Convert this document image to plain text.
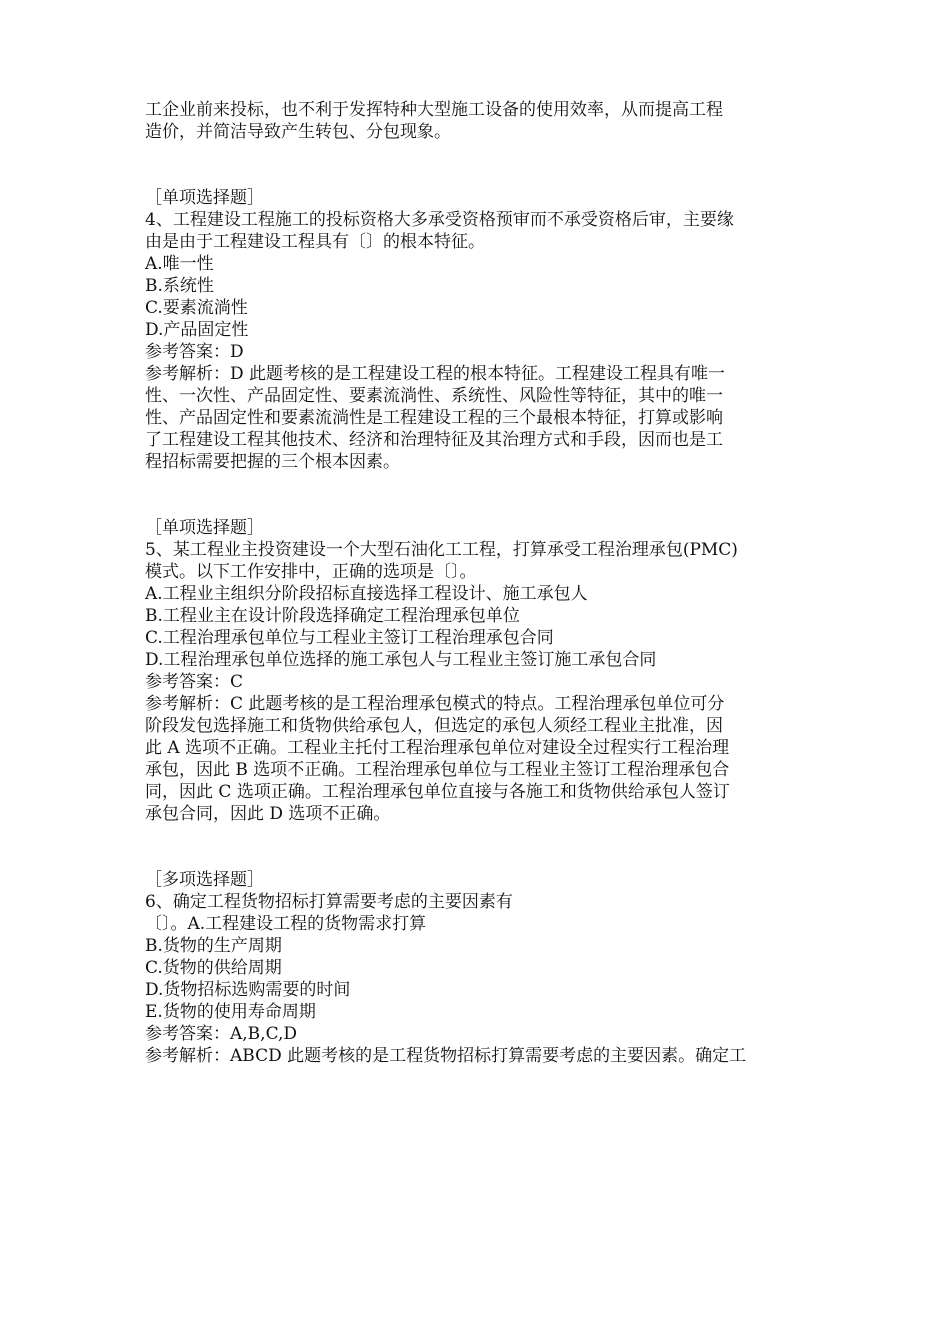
工企业前来投标，也不利于发挥特种大型施工设备的使用效率，从而提高工程
造价，并简洁导致产生转包、分包现象。
［单项选择题］
4、工程建设工程施工的投标资格大多承受资格预审而不承受资格后审，主要缘
由是由于工程建设工程具有〔〕的根本特征。
A.唯一性
B.系统性
C.要素流淌性
D.产品固定性
参考答案：D
参考解析：D 此题考核的是工程建设工程的根本特征。工程建设工程具有唯一
性、一次性、产品固定性、要素流淌性、系统性、风险性等特征，其中的唯一
性、产品固定性和要素流淌性是工程建设工程的三个最根本特征，打算或影响
了工程建设工程其他技术、经济和治理特征及其治理方式和手段，因而也是工
程招标需要把握的三个根本因素。
［单项选择题］
5、某工程业主投资建设一个大型石油化工工程，打算承受工程治理承包(PMC)
模式。以下工作安排中，正确的选项是〔〕。
A.工程业主组织分阶段招标直接选择工程设计、施工承包人
B.工程业主在设计阶段选择确定工程治理承包单位
C.工程治理承包单位与工程业主签订工程治理承包合同
D.工程治理承包单位选择的施工承包人与工程业主签订施工承包合同
参考答案：C
参考解析：C 此题考核的是工程治理承包模式的特点。工程治理承包单位可分
阶段发包选择施工和货物供给承包人，但选定的承包人须经工程业主批准，因
此 A 选项不正确。工程业主托付工程治理承包单位对建设全过程实行工程治理
承包，因此 B 选项不正确。工程治理承包单位与工程业主签订工程治理承包合
同，因此 C 选项正确。工程治理承包单位直接与各施工和货物供给承包人签订
承包合同，因此 D 选项不正确。
［多项选择题］
6、确定工程货物招标打算需要考虑的主要因素有
〔〕。A.工程建设工程的货物需求打算
B.货物的生产周期
C.货物的供给周期
D.货物招标选购需要的时间
E.货物的使用寿命周期
参考答案：A,B,C,D
参考解析：ABCD 此题考核的是工程货物招标打算需要考虑的主要因素。确定工
